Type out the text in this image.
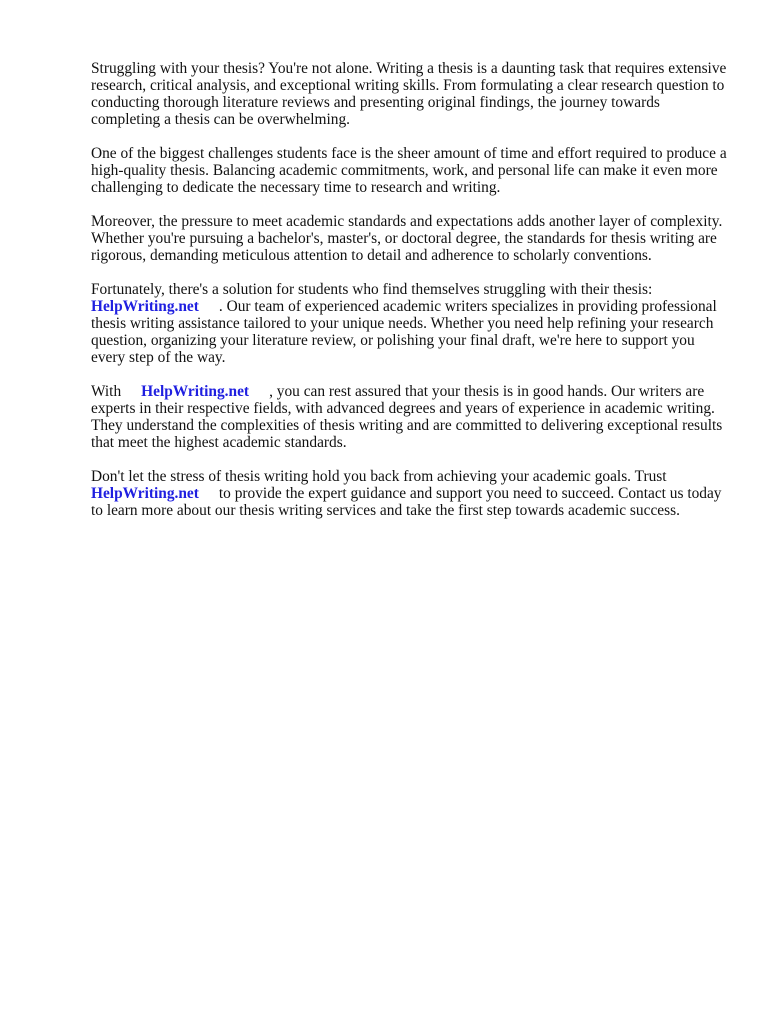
Struggling with your thesis? You're not alone. Writing a thesis is a daunting task that requires extensive research, critical analysis, and exceptional writing skills. From formulating a clear research question to conducting thorough literature reviews and presenting original findings, the journey towards completing a thesis can be overwhelming.

One of the biggest challenges students face is the sheer amount of time and effort required to produce a high-quality thesis. Balancing academic commitments, work, and personal life can make it even more challenging to dedicate the necessary time to research and writing.

Moreover, the pressure to meet academic standards and expectations adds another layer of complexity. Whether you're pursuing a bachelor's, master's, or doctoral degree, the standards for thesis writing are rigorous, demanding meticulous attention to detail and adherence to scholarly conventions.

Fortunately, there's a solution for students who find themselves struggling with their thesis:
HelpWriting.net . Our team of experienced academic writers specializes in providing professional thesis writing assistance tailored to your unique needs. Whether you need help refining your research question, organizing your literature review, or polishing your final draft, we're here to support you every step of the way.

With HelpWriting.net , you can rest assured that your thesis is in good hands. Our writers are experts in their respective fields, with advanced degrees and years of experience in academic writing. They understand the complexities of thesis writing and are committed to delivering exceptional results that meet the highest academic standards.

Don't let the stress of thesis writing hold you back from achieving your academic goals. Trust
HelpWriting.net to provide the expert guidance and support you need to succeed. Contact us today to learn more about our thesis writing services and take the first step towards academic success.
